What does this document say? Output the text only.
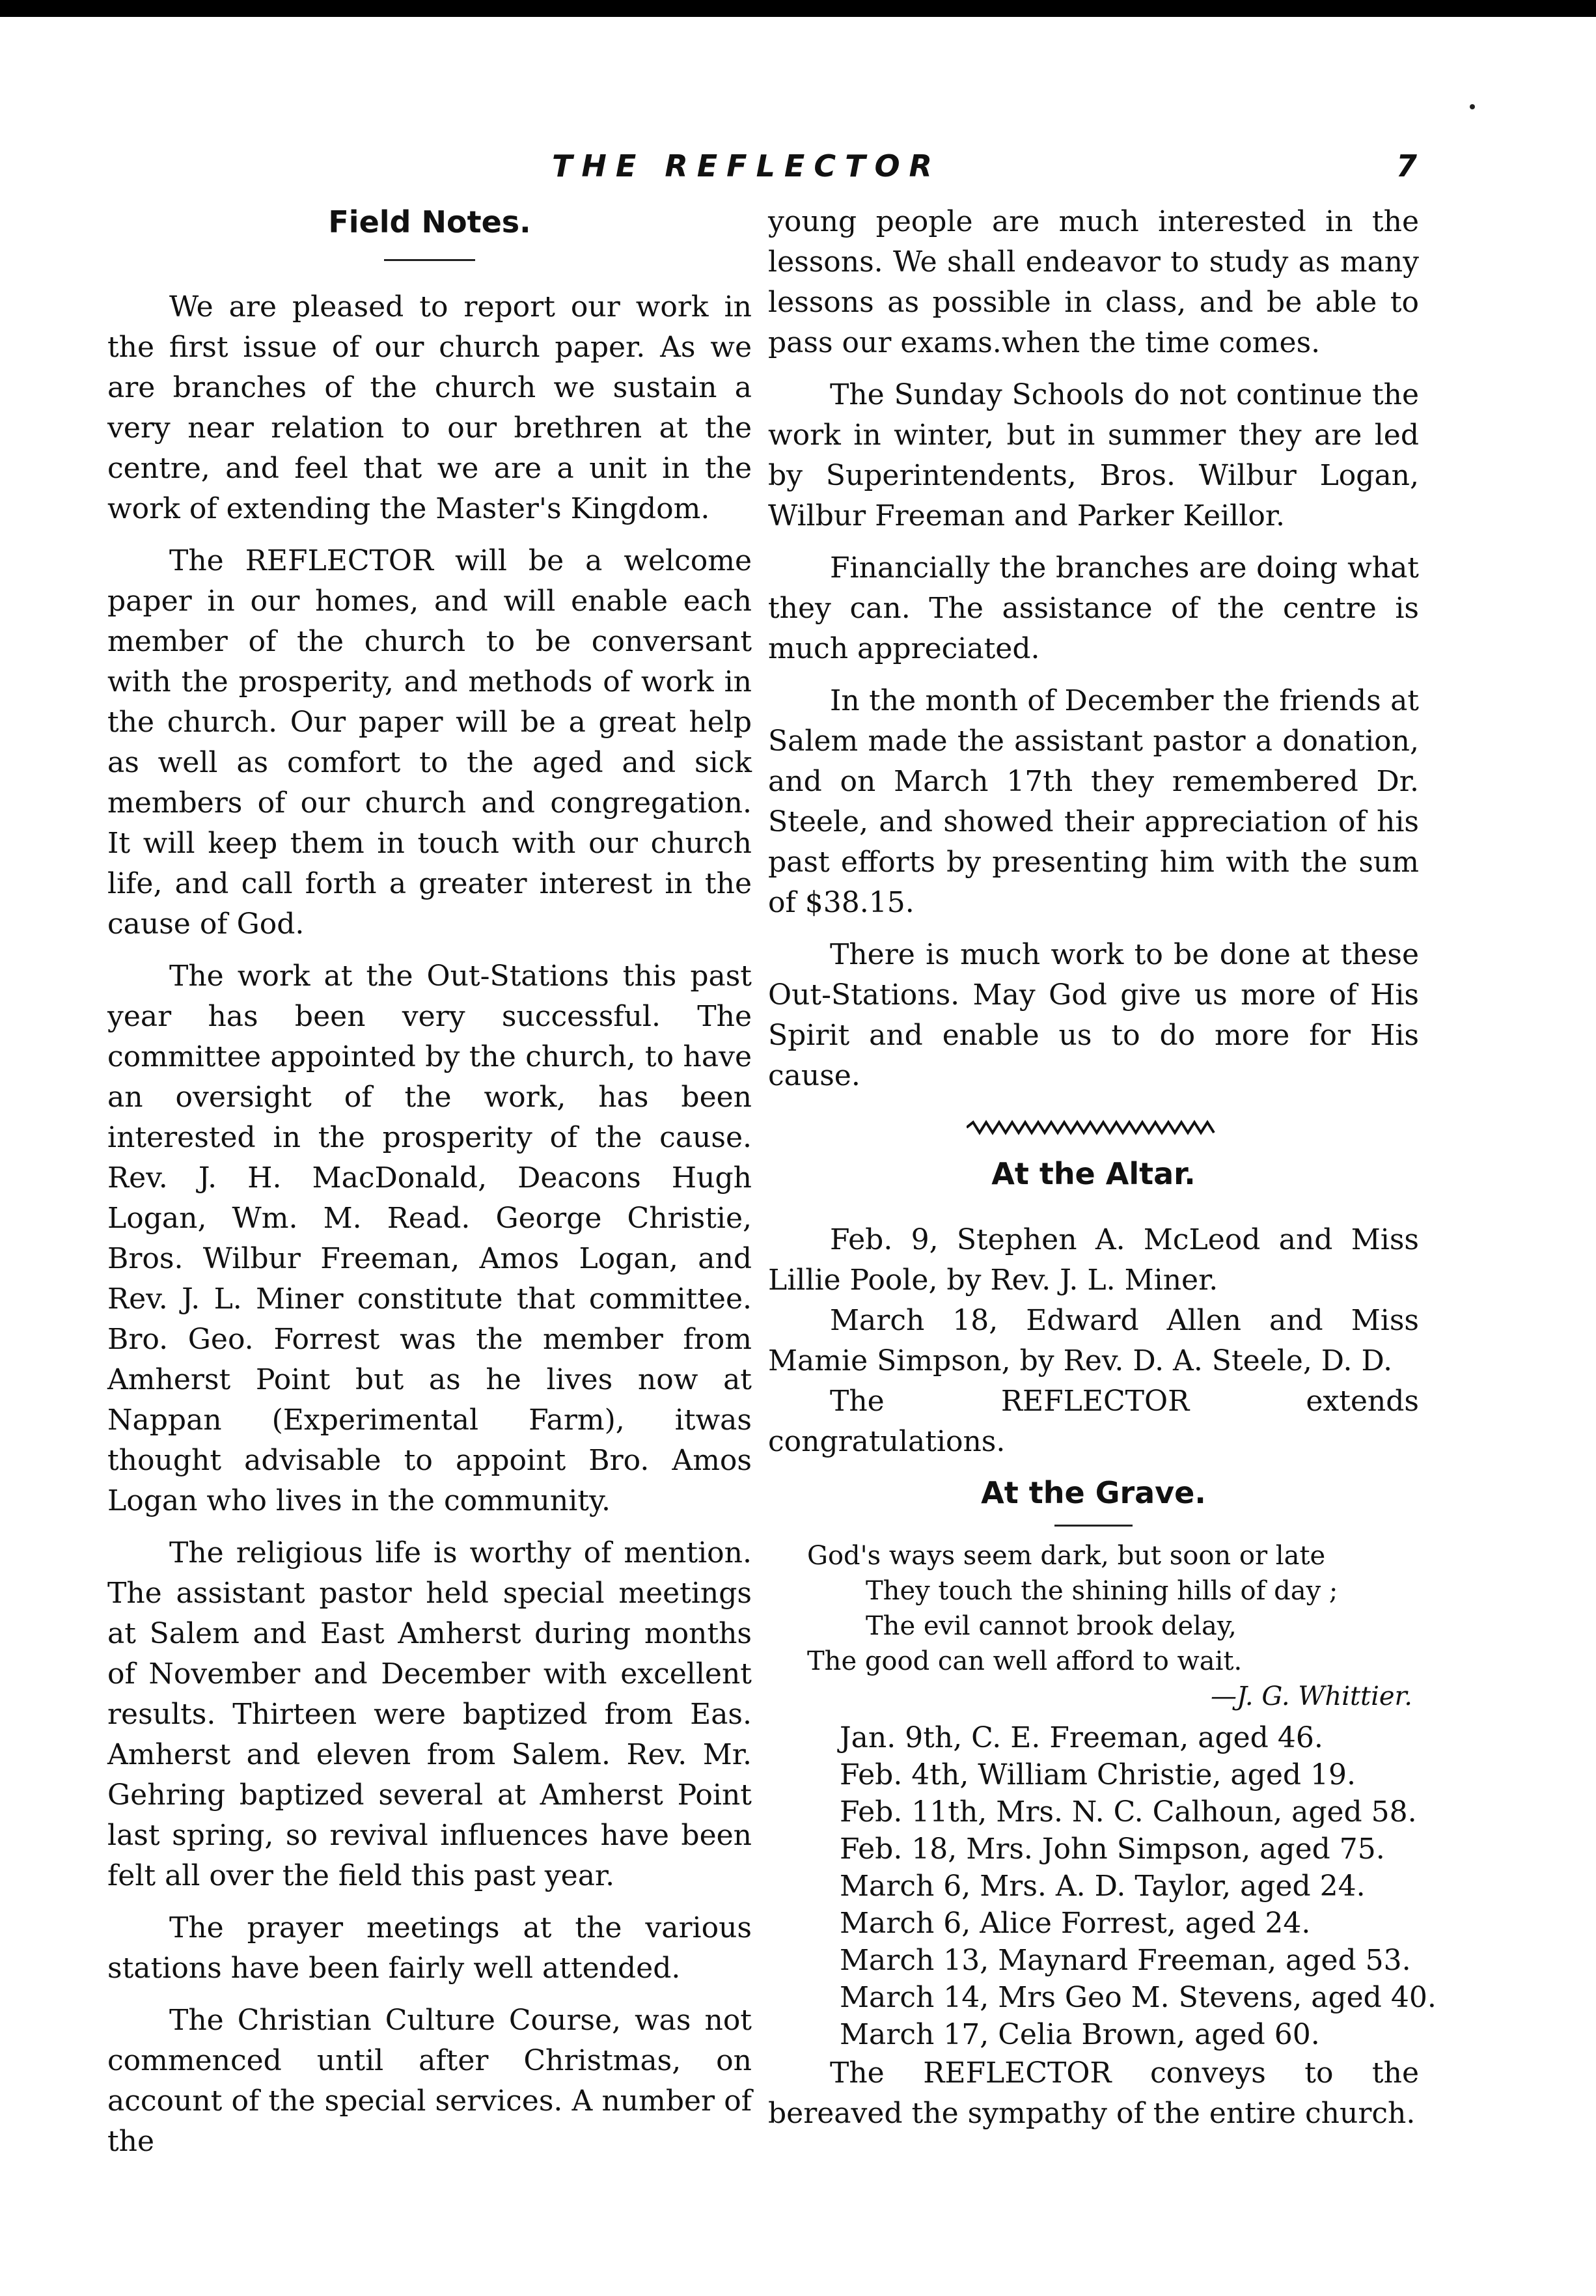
THE REFLECTOR	7
Field Notes.

We are pleased to report our work in the first issue of our church paper. As we are branches of the church we sustain a very near relation to our brethren at the centre, and feel that we are a unit in the work of extending the Master's Kingdom.

The REFLECTOR will be a welcome paper in our homes, and will enable each member of the church to be conversant with the prosperity, and methods of work in the church. Our paper will be a great help as well as comfort to the aged and sick members of our church and congregation. It will keep them in touch with our church life, and call forth a greater interest in the cause of God.

The work at the Out-Stations this past year has been very successful. The committee appointed by the church, to have an oversight of the work, has been interested in the prosperity of the cause. Rev. J. H. MacDonald, Deacons Hugh Logan, Wm. M. Read. George Christie, Bros. Wilbur Freeman, Amos Logan, and Rev. J. L. Miner constitute that committee. Bro. Geo. Forrest was the member from Amherst Point but as he lives now at Nappan (Experimental Farm), itwas thought advisable to appoint Bro. Amos Logan who lives in the community.

The religious life is worthy of mention. The assistant pastor held special meetings at Salem and East Amherst during months of November and December with excellent results. Thirteen were baptized from Eas. Amherst and eleven from Salem. Rev. Mr. Gehring baptized several at Amherst Point last spring, so revival influences have been felt all over the field this past year.

The prayer meetings at the various stations have been fairly well attended.

The Christian Culture Course, was not commenced until after Christmas, on account of the special services. A number of the

young people are much interested in the lessons. We shall endeavor to study as many lessons as possible in class, and be able to pass our exams.when the time comes.

The Sunday Schools do not continue the work in winter, but in summer they are led by Superintendents, Bros. Wilbur Logan, Wilbur Freeman and Parker Keillor.

Financially the branches are doing what they can. The assistance of the centre is much appreciated.

In the month of December the friends at Salem made the assistant pastor a donation, and on March 17th they remembered Dr. Steele, and showed their appreciation of his past efforts by presenting him with the sum of $38.15.

There is much work to be done at these Out-Stations. May God give us more of His Spirit and enable us to do more for His cause.

At the Altar.

Feb. 9, Stephen A. McLeod and Miss Lillie Poole, by Rev. J. L. Miner.

March 18, Edward Allen and Miss Mamie Simpson, by Rev. D. A. Steele, D. D.

The REFLECTOR extends congratulations.

At the Grave.
God's ways seem dark, but soon or late
They touch the shining hills of day ;
The evil cannot brook delay,
The good can well afford to wait.
—J. G. Whittier.
Jan. 9th, C. E. Freeman, aged 46.
Feb. 4th, William Christie, aged 19.
Feb. 11th, Mrs. N. C. Calhoun, aged 58.
Feb. 18, Mrs. John Simpson, aged 75.
March 6, Mrs. A. D. Taylor, aged 24.
March 6, Alice Forrest, aged 24.
March 13, Maynard Freeman, aged 53.
March 14, Mrs Geo M. Stevens, aged 40.
March 17, Celia Brown, aged 60.

The REFLECTOR conveys to the bereaved the sympathy of the entire church.
